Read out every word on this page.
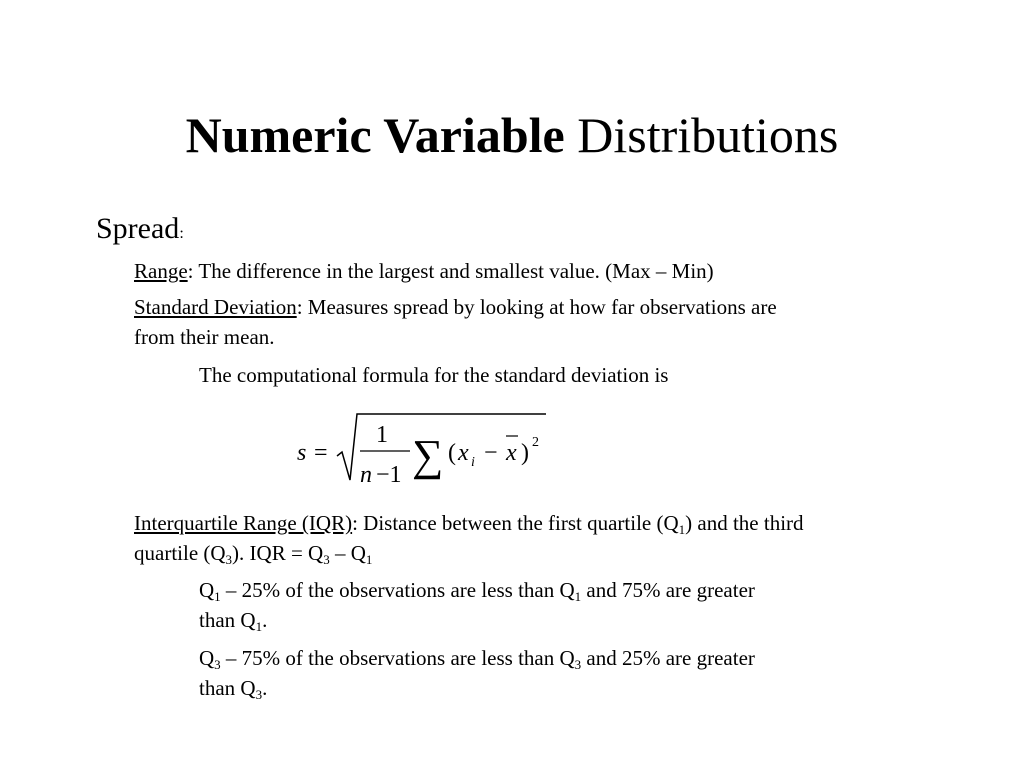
Numeric Variable Distributions
Spread:
Range: The difference in the largest and smallest value. (Max – Min)
Standard Deviation: Measures spread by looking at how far observations are
from their mean.
The computational formula for the standard deviation is
s =
1
n −1 ∑ ( x i − x ) 2
Interquartile Range (IQR): Distance between the first quartile $(Q_1)$ and the third
quartile $(Q_3)$. IQR = $Q_3 - Q_1$
$Q_1 - 25\%$ of the observations are less than $Q_1$ and 75% are greater
than $Q_1$.
$Q_3 - 75\%$ of the observations are less than $Q_3$ and 25% are greater
than $Q_3$.
